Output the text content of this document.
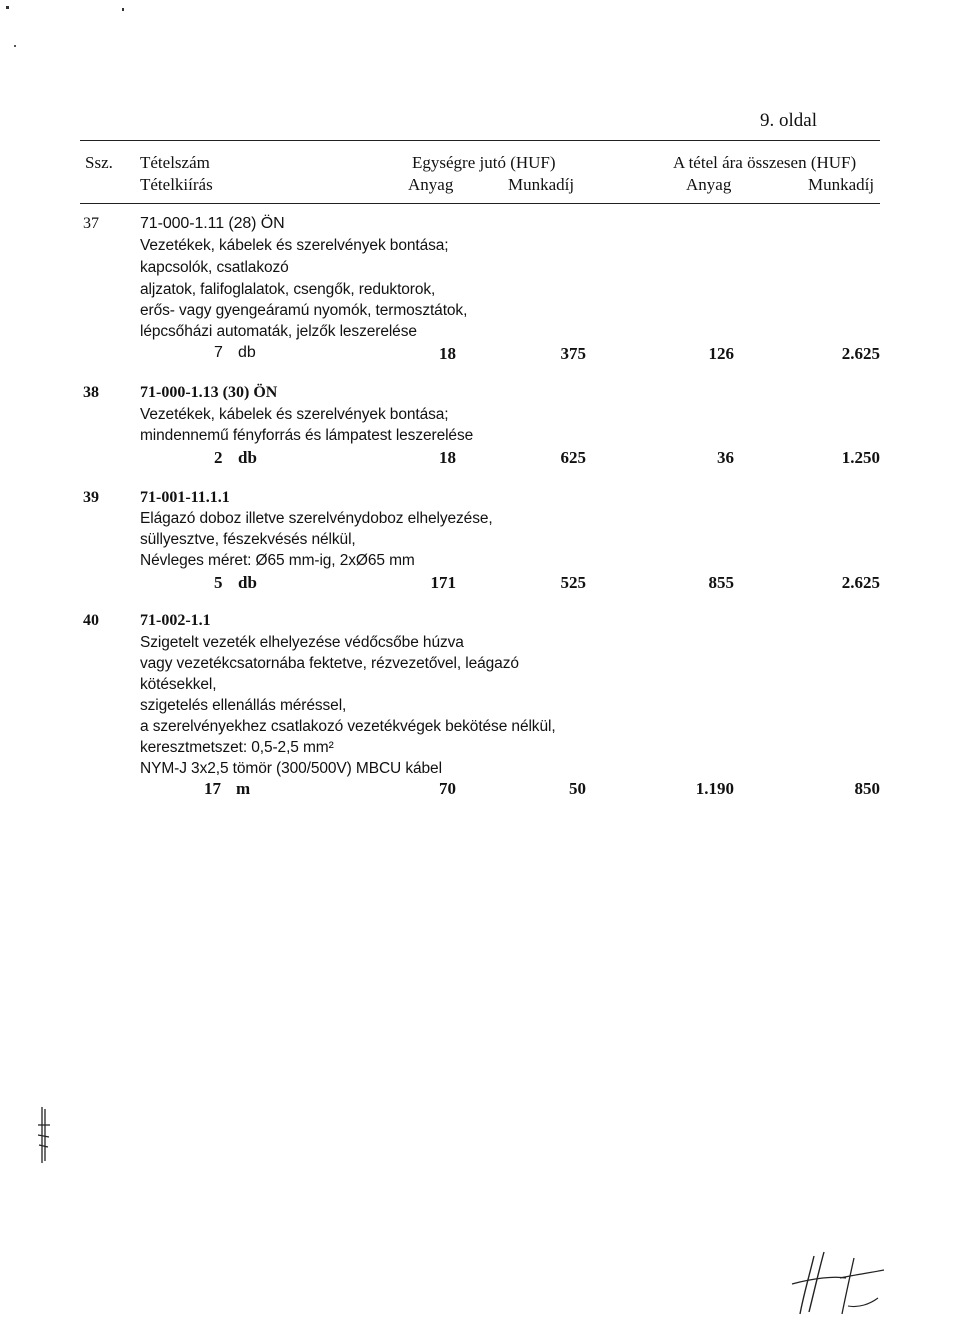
9. oldal
Ssz. Tételszám
Tételkiírás
Egységre jutó (HUF)	A tétel ára összesen (HUF)
Anyag	Munkadíj	Anyag	Munkadíj
37	71-000-1.11 (28) ÖN
Vezetékek, kábelek és szerelvények bontása;
kapcsolók, csatlakozó
aljzatok, falifoglalatok, csengők, reduktorok,
erős- vagy gyengeáramú nyomók, termosztátok,
lépcsőházi automaták, jelzők leszerelése
7 db	18	375	126	2.625
38	71-000-1.13 (30) ÖN
Vezetékek, kábelek és szerelvények bontása;
mindennemű fényforrás és lámpatest leszerelése
2 db	18	625	36	1.250
39	71-001-11.1.1
Elágazó doboz illetve szerelvénydoboz elhelyezése,
süllyesztve, fészekvésés nélkül,
Névleges méret: Ø65 mm-ig, 2xØ65 mm
5 db	171	525	855	2.625
40	71-002-1.1
Szigetelt vezeték elhelyezése védőcsőbe húzva
vagy vezetékcsatornába fektetve, rézvezetővel, leágazó
kötésekkel,
szigetelés ellenállás méréssel,
a szerelvényekhez csatlakozó vezetékvégek bekötése nélkül,
keresztmetszet: 0,5-2,5 mm²
NYM-J 3x2,5 tömör (300/500V) MBCU kábel
17 m	70	50	1.190	850
